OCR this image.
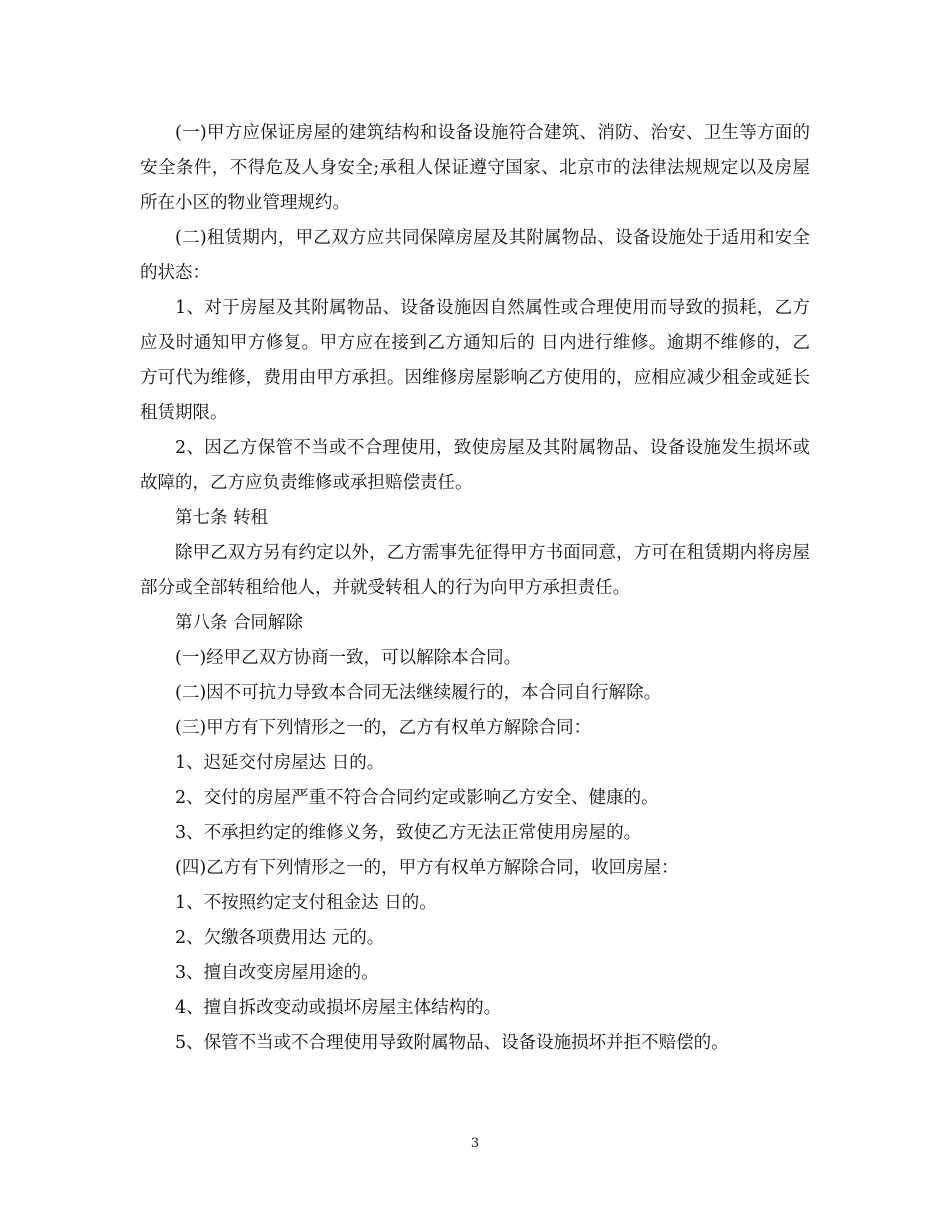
(一)甲方应保证房屋的建筑结构和设备设施符合建筑、消防、治安、卫生等方面的安全条件，不得危及人身安全;承租人保证遵守国家、北京市的法律法规规定以及房屋所在小区的物业管理规约。

(二)租赁期内，甲乙双方应共同保障房屋及其附属物品、设备设施处于适用和安全的状态：

1、对于房屋及其附属物品、设备设施因自然属性或合理使用而导致的损耗，乙方应及时通知甲方修复。甲方应在接到乙方通知后的 日内进行维修。逾期不维修的，乙方可代为维修，费用由甲方承担。因维修房屋影响乙方使用的，应相应减少租金或延长租赁期限。

2、因乙方保管不当或不合理使用，致使房屋及其附属物品、设备设施发生损坏或故障的，乙方应负责维修或承担赔偿责任。

第七条 转租

除甲乙双方另有约定以外，乙方需事先征得甲方书面同意，方可在租赁期内将房屋部分或全部转租给他人，并就受转租人的行为向甲方承担责任。

第八条 合同解除

(一)经甲乙双方协商一致，可以解除本合同。

(二)因不可抗力导致本合同无法继续履行的，本合同自行解除。

(三)甲方有下列情形之一的，乙方有权单方解除合同：

1、迟延交付房屋达 日的。

2、交付的房屋严重不符合合同约定或影响乙方安全、健康的。

3、不承担约定的维修义务，致使乙方无法正常使用房屋的。

(四)乙方有下列情形之一的，甲方有权单方解除合同，收回房屋：

1、不按照约定支付租金达 日的。

2、欠缴各项费用达 元的。

3、擅自改变房屋用途的。

4、擅自拆改变动或损坏房屋主体结构的。

5、保管不当或不合理使用导致附属物品、设备设施损坏并拒不赔偿的。

3
